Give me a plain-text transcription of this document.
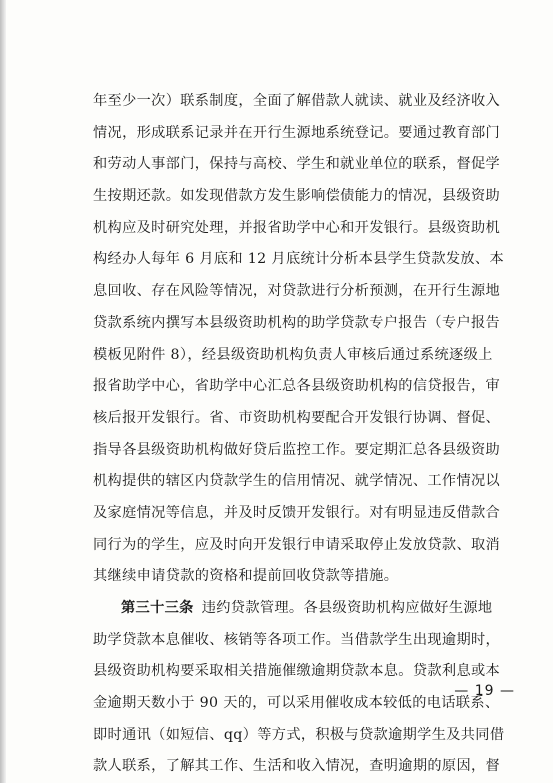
年至少一次）联系制度，全面了解借款人就读、就业及经济收入
情况，形成联系记录并在开行生源地系统登记。要通过教育部门
和劳动人事部门，保持与高校、学生和就业单位的联系，督促学
生按期还款。如发现借款方发生影响偿债能力的情况，县级资助
机构应及时研究处理，并报省助学中心和开发银行。县级资助机
构经办人每年 6 月底和 12 月底统计分析本县学生贷款发放、本
息回收、存在风险等情况，对贷款进行分析预测，在开行生源地
贷款系统内撰写本县级资助机构的助学贷款专户报告（专户报告
模板见附件 8），经县级资助机构负责人审核后通过系统逐级上
报省助学中心，省助学中心汇总各县级资助机构的信贷报告，审
核后报开发银行。省、市资助机构要配合开发银行协调、督促、
指导各县级资助机构做好贷后监控工作。要定期汇总各县级资助
机构提供的辖区内贷款学生的信用情况、就学情况、工作情况以
及家庭情况等信息，并及时反馈开发银行。对有明显违反借款合
同行为的学生，应及时向开发银行申请采取停止发放贷款、取消
其继续申请贷款的资格和提前回收贷款等措施。
第三十三条 违约贷款管理。各县级资助机构应做好生源地
助学贷款本息催收、核销等各项工作。当借款学生出现逾期时，
县级资助机构要采取相关措施催缴逾期贷款本息。贷款利息或本
金逾期天数小于 90 天的，可以采用催收成本较低的电话联系、
即时通讯（如短信、qq）等方式，积极与贷款逾期学生及共同借
款人联系，了解其工作、生活和收入情况，查明逾期的原因，督
— 19 —
